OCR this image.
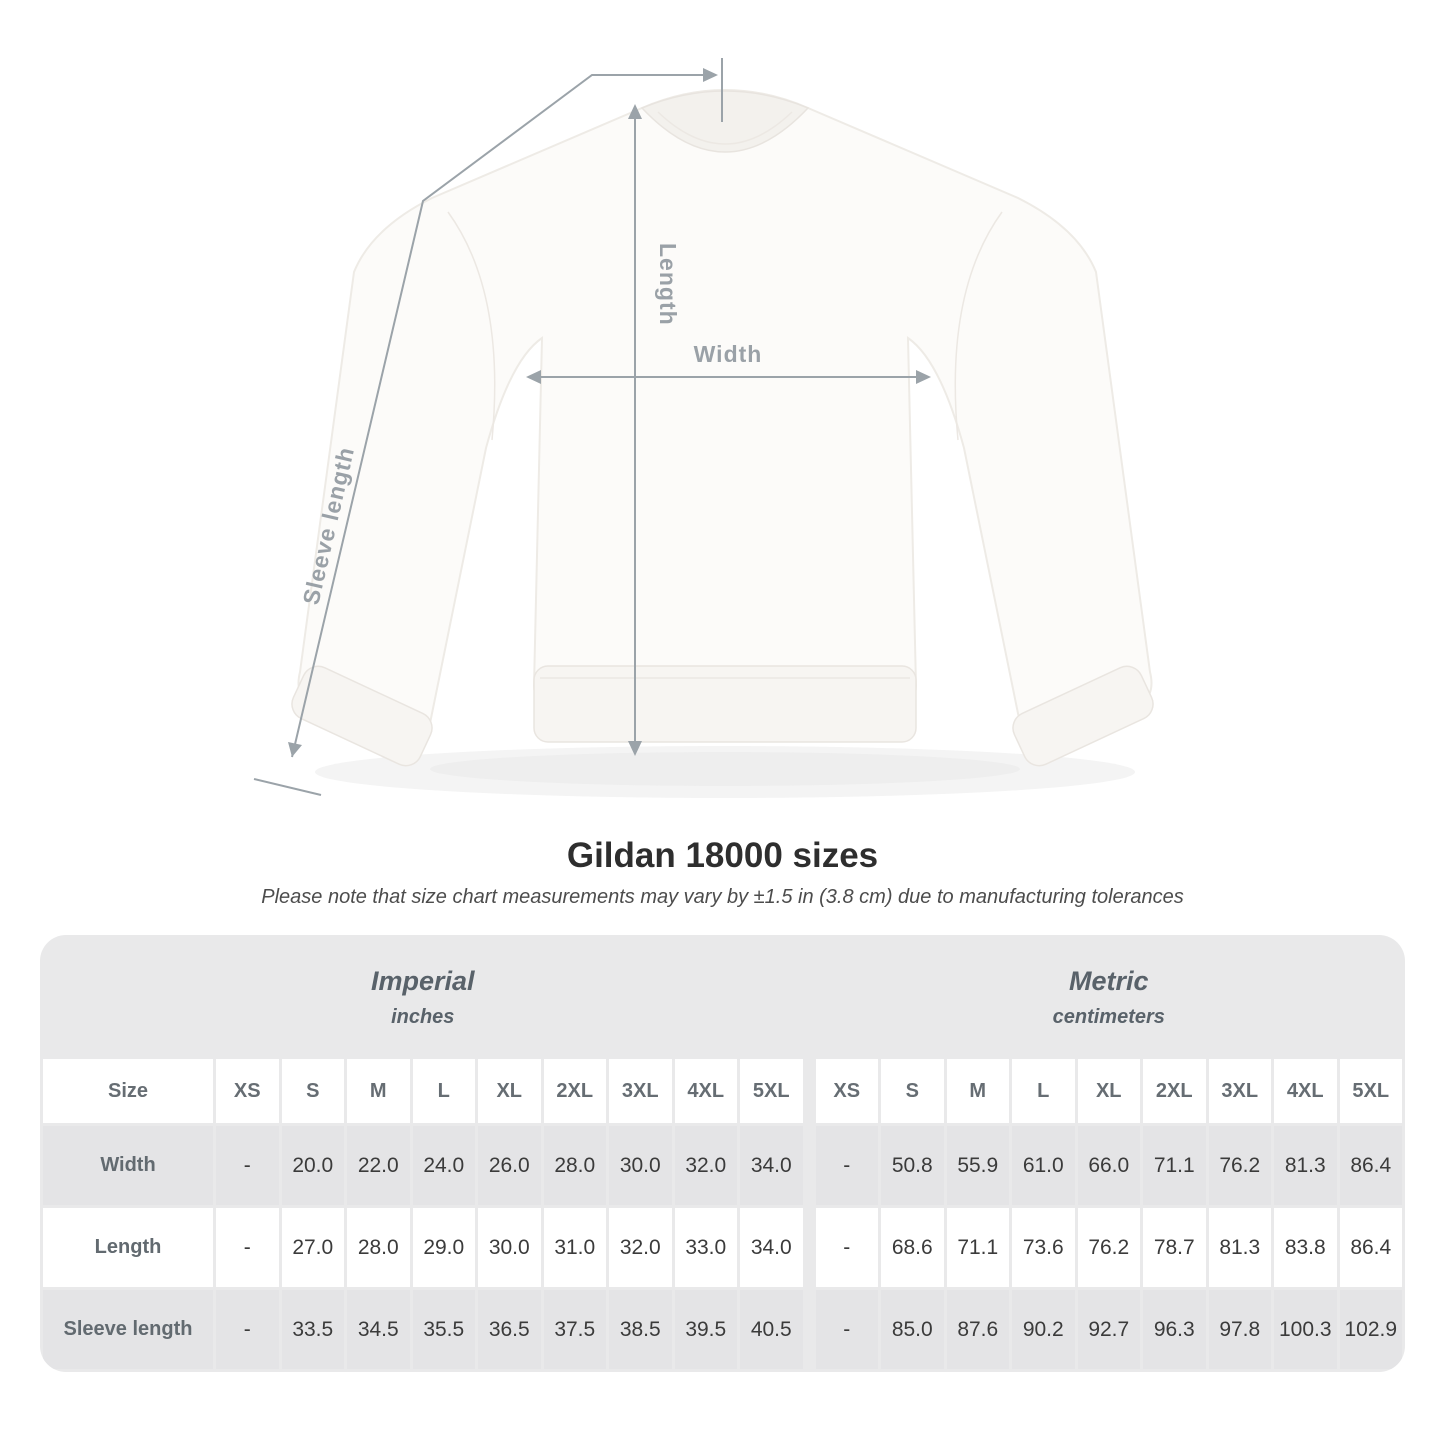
Sleeve length
Length
Width
Gildan 18000 sizes

Please note that size chart measurements may vary by ±1.5 in (3.8 cm) due to manufacturing tolerances

Imperial
inches

Metric
centimeters

Size	XS	S	M	L	XL	2XL	3XL	4XL	5XL		XS	S	M	L	XL	2XL	3XL	4XL	5XL
Width	-	20.0	22.0	24.0	26.0	28.0	30.0	32.0	34.0		-	50.8	55.9	61.0	66.0	71.1	76.2	81.3	86.4
Length	-	27.0	28.0	29.0	30.0	31.0	32.0	33.0	34.0		-	68.6	71.1	73.6	76.2	78.7	81.3	83.8	86.4
Sleeve length	-	33.5	34.5	35.5	36.5	37.5	38.5	39.5	40.5		-	85.0	87.6	90.2	92.7	96.3	97.8	100.3	102.9
